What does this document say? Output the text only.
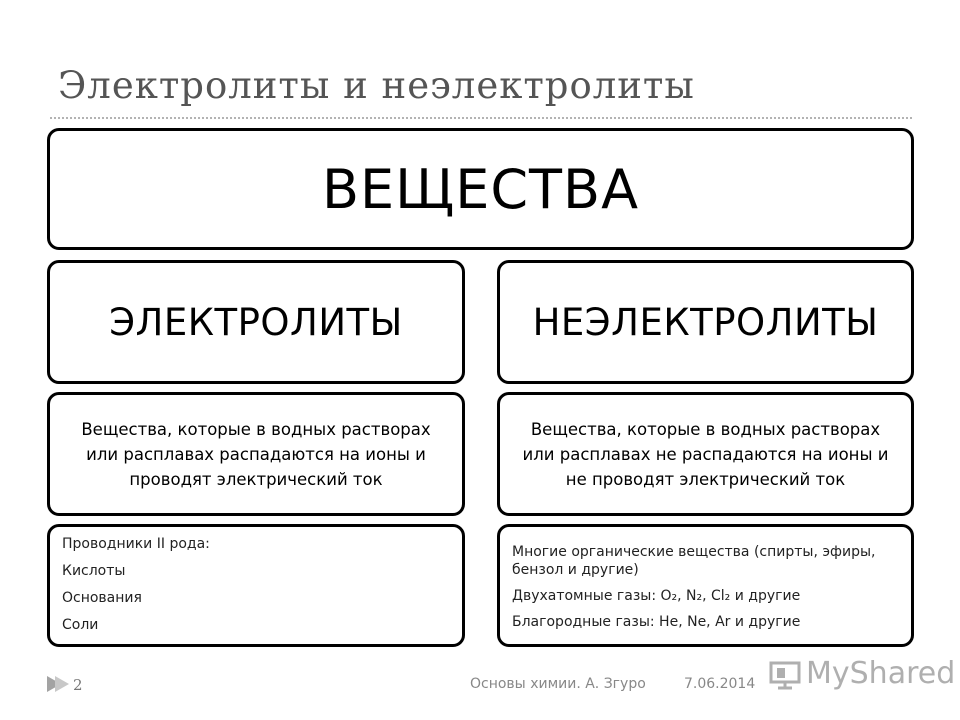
Электролиты и неэлектролиты
ВЕЩЕСТВА
ЭЛЕКТРОЛИТЫ	НЕЭЛЕКТРОЛИТЫ
Вещества, которые в водных растворах или расплавах распадаются на ионы и проводят электрический ток
Вещества, которые в водных растворах или расплавах не распадаются на ионы и не проводят электрический ток
Проводники II рода:
Кислоты
Основания
Соли
Многие органические вещества (спирты, эфиры, бензол и другие)
Двухатомные газы: O₂, N₂, Cl₂ и другие
Благородные газы: He, Ne, Ar и другие
2	Основы химии. А. Згуро	7.06.2014 MyShared
